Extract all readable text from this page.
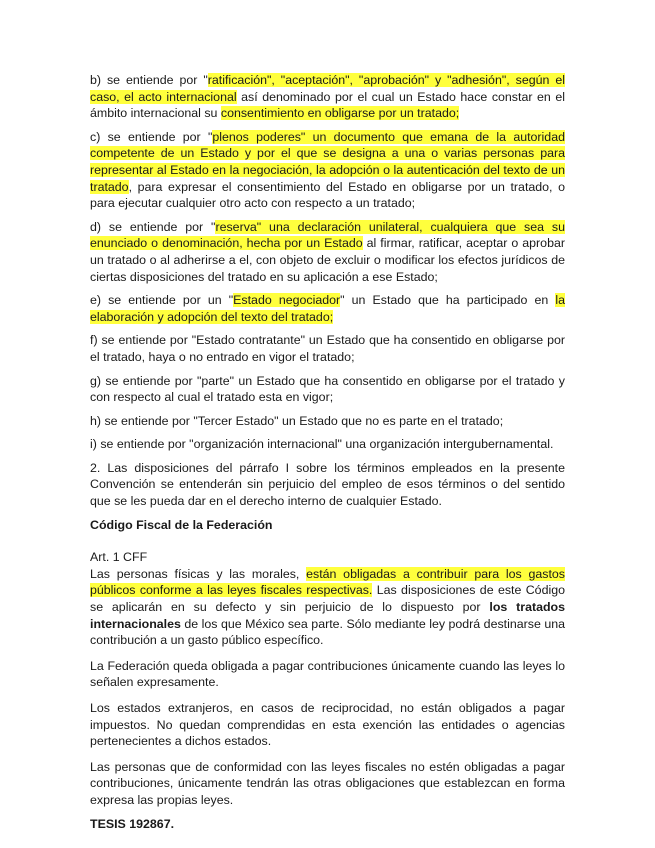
b) se entiende por "ratificación", "aceptación", "aprobación" y "adhesión", según el caso, el acto internacional así denominado por el cual un Estado hace constar en el ámbito internacional su consentimiento en obligarse por un tratado;

c) se entiende por "plenos poderes" un documento que emana de la autoridad competente de un Estado y por el que se designa a una o varias personas para representar al Estado en la negociación, la adopción o la autenticación del texto de un tratado, para expresar el consentimiento del Estado en obligarse por un tratado, o para ejecutar cualquier otro acto con respecto a un tratado;

d) se entiende por "reserva" una declaración unilateral, cualquiera que sea su enunciado o denominación, hecha por un Estado al firmar, ratificar, aceptar o aprobar un tratado o al adherirse a el, con objeto de excluir o modificar los efectos jurídicos de ciertas disposiciones del tratado en su aplicación a ese Estado;

e) se entiende por un "Estado negociador" un Estado que ha participado en la elaboración y adopción del texto del tratado;

f) se entiende por "Estado contratante" un Estado que ha consentido en obligarse por el tratado, haya o no entrado en vigor el tratado;

g) se entiende por "parte" un Estado que ha consentido en obligarse por el tratado y con respecto al cual el tratado esta en vigor;

h) se entiende por "Tercer Estado" un Estado que no es parte en el tratado;

i) se entiende por "organización internacional" una organización intergubernamental.

2. Las disposiciones del párrafo I sobre los términos empleados en la presente Convención se entenderán sin perjuicio del empleo de esos términos o del sentido que se les pueda dar en el derecho interno de cualquier Estado.

Código Fiscal de la Federación

Art. 1 CFF

Las personas físicas y las morales, están obligadas a contribuir para los gastos públicos conforme a las leyes fiscales respectivas. Las disposiciones de este Código se aplicarán en su defecto y sin perjuicio de lo dispuesto por los tratados internacionales de los que México sea parte. Sólo mediante ley podrá destinarse una contribución a un gasto público específico.

La Federación queda obligada a pagar contribuciones únicamente cuando las leyes lo señalen expresamente.

Los estados extranjeros, en casos de reciprocidad, no están obligados a pagar impuestos. No quedan comprendidas en esta exención las entidades o agencias pertenecientes a dichos estados.

Las personas que de conformidad con las leyes fiscales no estén obligadas a pagar contribuciones, únicamente tendrán las otras obligaciones que establezcan en forma expresa las propias leyes.

TESIS 192867.
